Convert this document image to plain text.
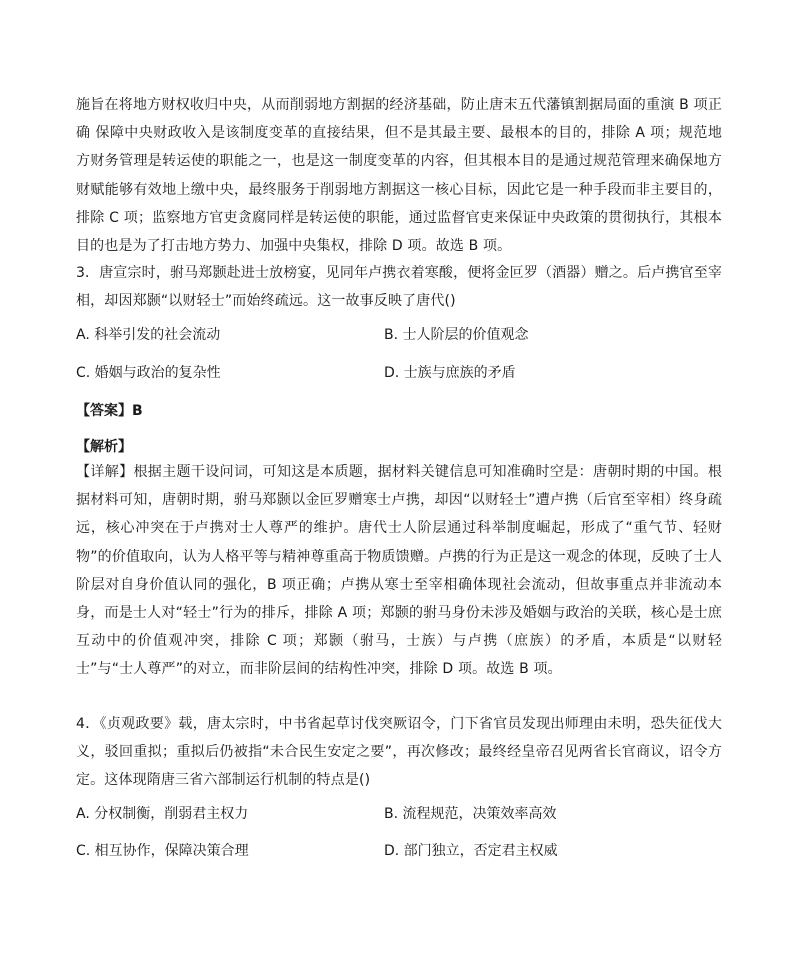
施旨在将地方财权收归中央，从而削弱地方割据的经济基础，防止唐末五代藩镇割据局面的重演 B 项正确 保障中央财政收入是该制度变革的直接结果，但不是其最主要、最根本的目的，排除 A 项；规范地方财务管理是转运使的职能之一，也是这一制度变革的内容，但其根本目的是通过规范管理来确保地方财赋能够有效地上缴中央，最终服务于削弱地方割据这一核心目标，因此它是一种手段而非主要目的，排除 C 项；监察地方官吏贪腐同样是转运使的职能，通过监督官吏来保证中央政策的贯彻执行，其根本目的也是为了打击地方势力、加强中央集权，排除 D 项。故选 B 项。

3．唐宣宗时，驸马郑颢赴进士放榜宴，见同年卢携衣着寒酸，便将金叵罗（酒器）赠之。后卢携官至宰相，却因郑颢“以财轻士”而始终疏远。这一故事反映了唐代()

A. 科举引发的社会流动	B. 士人阶层的价值观念

C. 婚姻与政治的复杂性	D. 士族与庶族的矛盾

【答案】B

【解析】

【详解】根据主题干设问词，可知这是本质题，据材料关键信息可知准确时空是：唐朝时期的中国。根据材料可知，唐朝时期，驸马郑颢以金叵罗赠寒士卢携，却因“以财轻士”遭卢携（后官至宰相）终身疏远，核心冲突在于卢携对士人尊严的维护。唐代士人阶层通过科举制度崛起，形成了“重气节、轻财物”的价值取向，认为人格平等与精神尊重高于物质馈赠。卢携的行为正是这一观念的体现，反映了士人阶层对自身价值认同的强化，B 项正确；卢携从寒士至宰相确体现社会流动，但故事重点并非流动本身，而是士人对“轻士”行为的排斥，排除 A 项；郑颢的驸马身份未涉及婚姻与政治的关联，核心是士庶互动中的价值观冲突，排除 C 项；郑颢（驸马，士族）与卢携（庶族）的矛盾，本质是“以财轻士”与“士人尊严”的对立，而非阶层间的结构性冲突，排除 D 项。故选 B 项。

4．《贞观政要》载，唐太宗时，中书省起草讨伐突厥诏令，门下省官员发现出师理由未明，恐失征伐大义，驳回重拟；重拟后仍被指“未合民生安定之要”，再次修改；最终经皇帝召见两省长官商议，诏令方定。这体现隋唐三省六部制运行机制的特点是()

A. 分权制衡，削弱君主权力	B. 流程规范，决策效率高效

C. 相互协作，保障决策合理	D. 部门独立，否定君主权威
